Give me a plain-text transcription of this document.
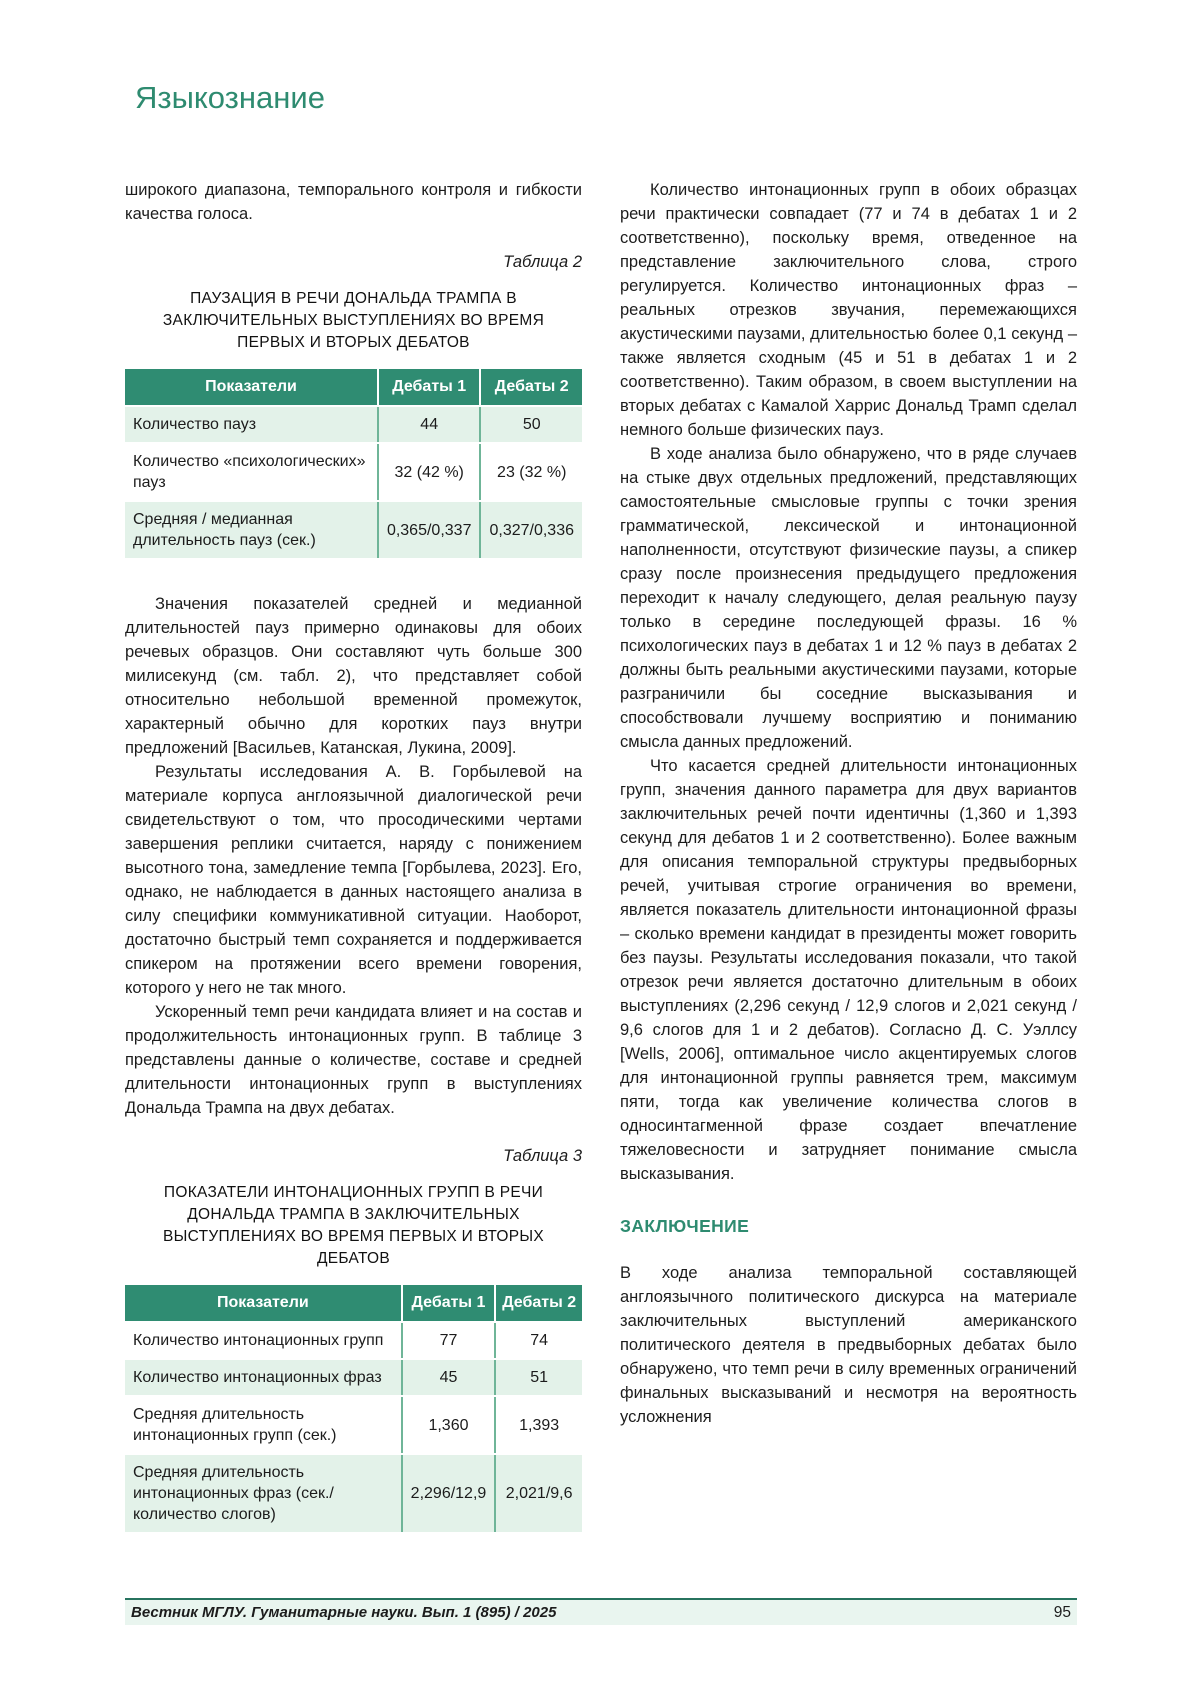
Языкознание

широкого диапазона, темпорального контроля и гибкости качества голоса.

Таблица 2
ПАУЗАЦИЯ В РЕЧИ ДОНАЛЬДА ТРАМПА В ЗАКЛЮЧИТЕЛЬНЫХ ВЫСТУПЛЕНИЯХ ВО ВРЕМЯ ПЕРВЫХ И ВТОРЫХ ДЕБАТОВ
Показатели	Дебаты 1	Дебаты 2
Количество пауз	44	50
Количество «психологических» пауз	32 (42 %)	23 (32 %)
Средняя / медианная длительность пауз (сек.)	0,365/0,337	0,327/0,336

Значения показателей средней и медианной длительностей пауз примерно одинаковы для обоих речевых образцов. Они составляют чуть больше 300 милисекунд (см. табл. 2), что представляет собой относительно небольшой временной промежуток, характерный обычно для коротких пауз внутри предложений [Васильев, Катанская, Лукина, 2009].

Результаты исследования А. В. Горбылевой на материале корпуса англоязычной диалогической речи свидетельствуют о том, что просодическими чертами завершения реплики считается, наряду с понижением высотного тона, замедление темпа [Горбылева, 2023]. Его, однако, не наблюдается в данных настоящего анализа в силу специфики коммуникативной ситуации. Наоборот, достаточно быстрый темп сохраняется и поддерживается спикером на протяжении всего времени говорения, которого у него не так много.

Ускоренный темп речи кандидата влияет и на состав и продолжительность интонационных групп. В таблице 3 представлены данные о количестве, составе и средней длительности интонационных групп в выступлениях Дональда Трампа на двух дебатах.

Таблица 3
ПОКАЗАТЕЛИ ИНТОНАЦИОННЫХ ГРУПП В РЕЧИ ДОНАЛЬДА ТРАМПА В ЗАКЛЮЧИТЕЛЬНЫХ ВЫСТУПЛЕНИЯХ ВО ВРЕМЯ ПЕРВЫХ И ВТОРЫХ ДЕБАТОВ
Показатели	Дебаты 1	Дебаты 2
Количество интонационных групп	77	74
Количество интонационных фраз	45	51
Средняя длительность интонационных групп (сек.)	1,360	1,393
Средняя длительность интонационных фраз (сек./ количество слогов)	2,296/12,9	2,021/9,6

Количество интонационных групп в обоих образцах речи практически совпадает (77 и 74 в дебатах 1 и 2 соответственно), поскольку время, отведенное на представление заключительного слова, строго регулируется. Количество интонационных фраз – реальных отрезков звучания, перемежающихся акустическими паузами, длительностью более 0,1 секунд – также является сходным (45 и 51 в дебатах 1 и 2 соответственно). Таким образом, в своем выступлении на вторых дебатах с Камалой Харрис Дональд Трамп сделал немного больше физических пауз.

В ходе анализа было обнаружено, что в ряде случаев на стыке двух отдельных предложений, представляющих самостоятельные смысловые группы с точки зрения грамматической, лексической и интонационной наполненности, отсутствуют физические паузы, а спикер сразу после произнесения предыдущего предложения переходит к началу следующего, делая реальную паузу только в середине последующей фразы. 16 % психологических пауз в дебатах 1 и 12 % пауз в дебатах 2 должны быть реальными акустическими паузами, которые разграничили бы соседние высказывания и способствовали лучшему восприятию и пониманию смысла данных предложений.

Что касается средней длительности интонационных групп, значения данного параметра для двух вариантов заключительных речей почти идентичны (1,360 и 1,393 секунд для дебатов 1 и 2 соответственно). Более важным для описания темпоральной структуры предвыборных речей, учитывая строгие ограничения во времени, является показатель длительности интонационной фразы – сколько времени кандидат в президенты может говорить без паузы. Результаты исследования показали, что такой отрезок речи является достаточно длительным в обоих выступлениях (2,296 секунд / 12,9 слогов и 2,021 секунд / 9,6 слогов для 1 и 2 дебатов). Согласно Д. С. Уэллсу [Wells, 2006], оптимальное число акцентируемых слогов для интонационной группы равняется трем, максимум пяти, тогда как увеличение количества слогов в односинтагменной фразе создает впечатление тяжеловесности и затрудняет понимание смысла высказывания.

ЗАКЛЮЧЕНИЕ

В ходе анализа темпоральной составляющей англоязычного политического дискурса на материале заключительных выступлений американского политического деятеля в предвыборных дебатах было обнаружено, что темп речи в силу временных ограничений финальных высказываний и несмотря на вероятность усложнения

Вестник МГЛУ. Гуманитарные науки. Вып. 1 (895) / 2025	95
